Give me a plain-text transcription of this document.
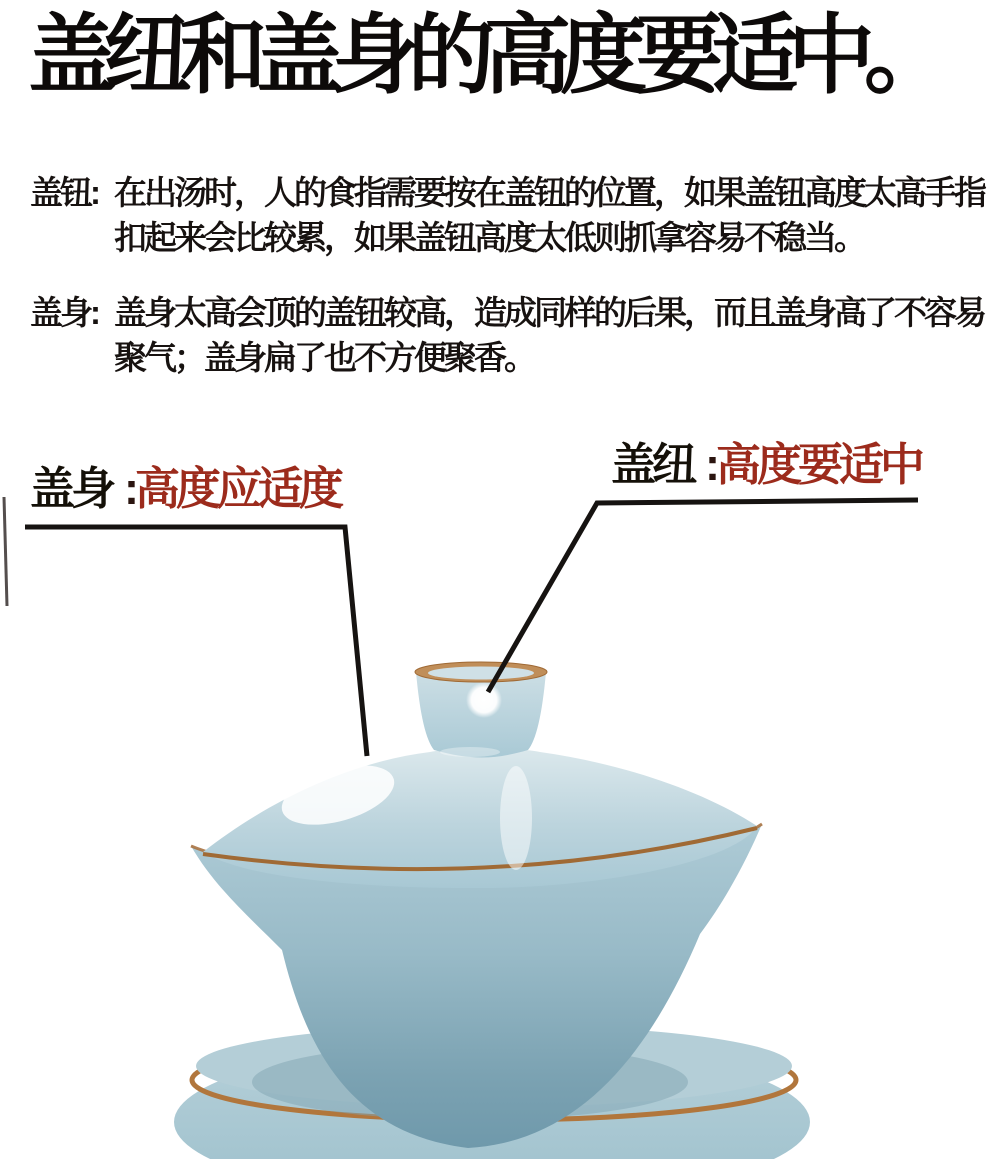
盖纽和盖身的高度要适中。
盖钮: 在出汤时，人的食指需要按在盖钮的位置，如果盖钮高度太高手指
扣起来会比较累，如果盖钮高度太低则抓拿容易不稳当。
盖身: 盖身太高会顶的盖钮较高，造成同样的后果，而且盖身高了不容易
聚气；盖身扁了也不方便聚香。
盖身 :高度应适度	盖纽 :高度要适中
